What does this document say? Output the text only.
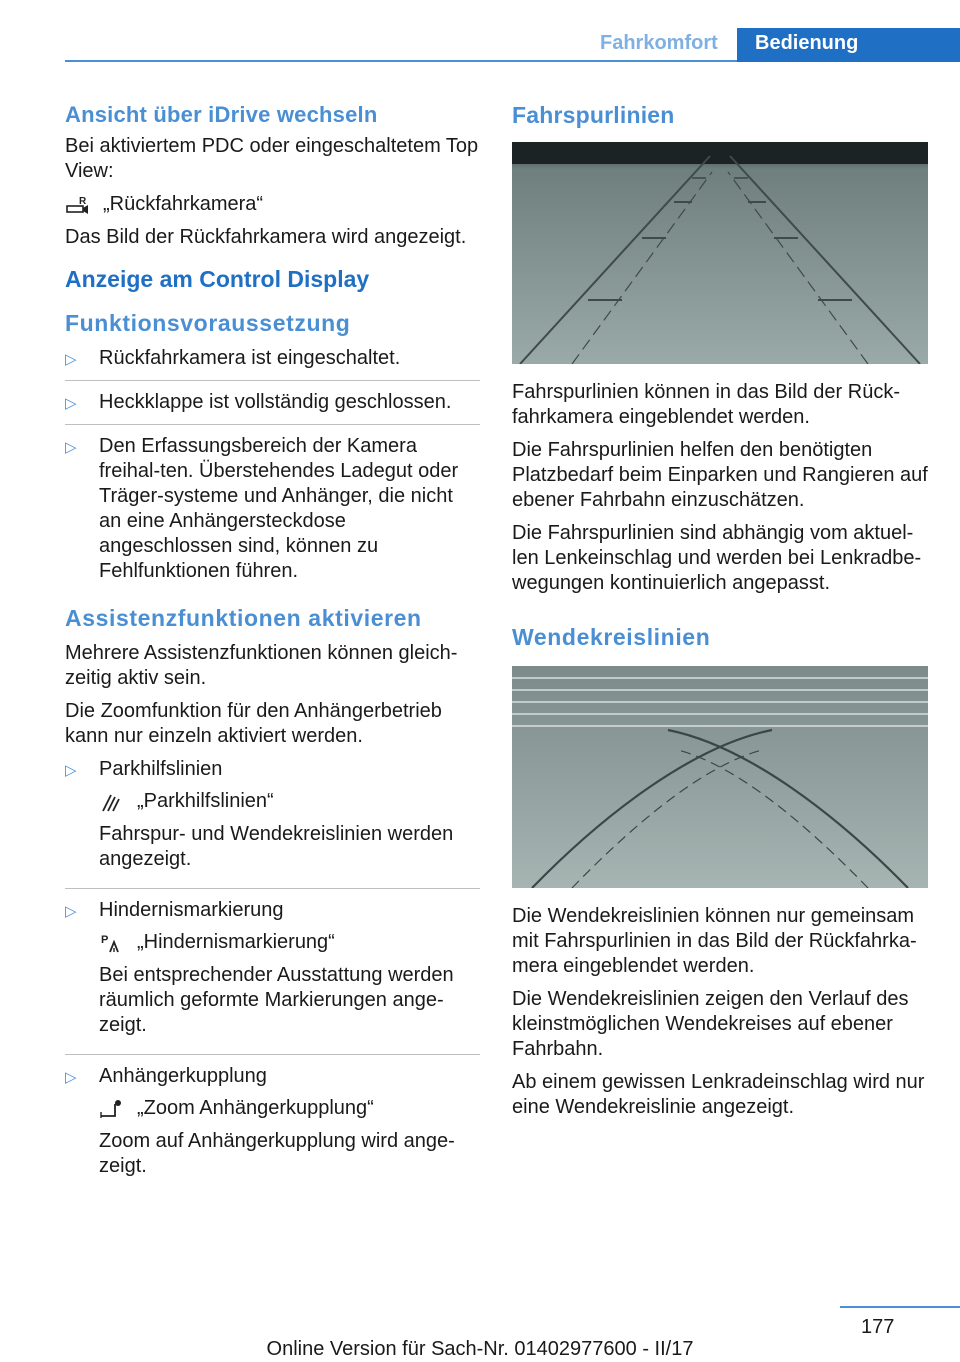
Fahrkomfort	Bedienung
Ansicht über iDrive wechseln

Bei aktiviertem PDC oder eingeschaltetem Top View:

R „Rückfahrkamera“

Das Bild der Rückfahrkamera wird angezeigt.

Anzeige am Control Display
Funktionsvoraussetzung
▷ Rückfahrkamera ist eingeschaltet.
▷ Heckklappe ist vollständig geschlossen.
▷ Den Erfassungsbereich der Kamera freihal-ten. Überstehendes Ladegut oder Träger-systeme und Anhänger, die nicht an eine Anhängersteckdose angeschlossen sind, können zu Fehlfunktionen führen.
Assistenzfunktionen aktivieren

Mehrere Assistenzfunktionen können gleich-zeitig aktiv sein.

Die Zoomfunktion für den Anhängerbetrieb kann nur einzeln aktiviert werden.

▷ Parkhilfslinien

„Parkhilfslinien“

Fahrspur- und Wendekreislinien werden angezeigt.

▷ Hindernismarkierung

P „Hindernismarkierung“

Bei entsprechender Ausstattung werden räumlich geformte Markierungen ange-zeigt.

▷ Anhängerkupplung

„Zoom Anhängerkupplung“

Zoom auf Anhängerkupplung wird ange-zeigt.

Fahrspurlinien

Fahrspurlinien können in das Bild der Rück-fahrkamera eingeblendet werden.

Die Fahrspurlinien helfen den benötigten Platzbedarf beim Einparken und Rangieren auf ebener Fahrbahn einzuschätzen.

Die Fahrspurlinien sind abhängig vom aktuel-len Lenkeinschlag und werden bei Lenkradbe-wegungen kontinuierlich angepasst.

Wendekreislinien

Die Wendekreislinien können nur gemeinsam mit Fahrspurlinien in das Bild der Rückfahrka-mera eingeblendet werden.

Die Wendekreislinien zeigen den Verlauf des kleinstmöglichen Wendekreises auf ebener Fahrbahn.

Ab einem gewissen Lenkradeinschlag wird nur eine Wendekreislinie angezeigt.

177
Online Version für Sach-Nr. 01402977600 - II/17
